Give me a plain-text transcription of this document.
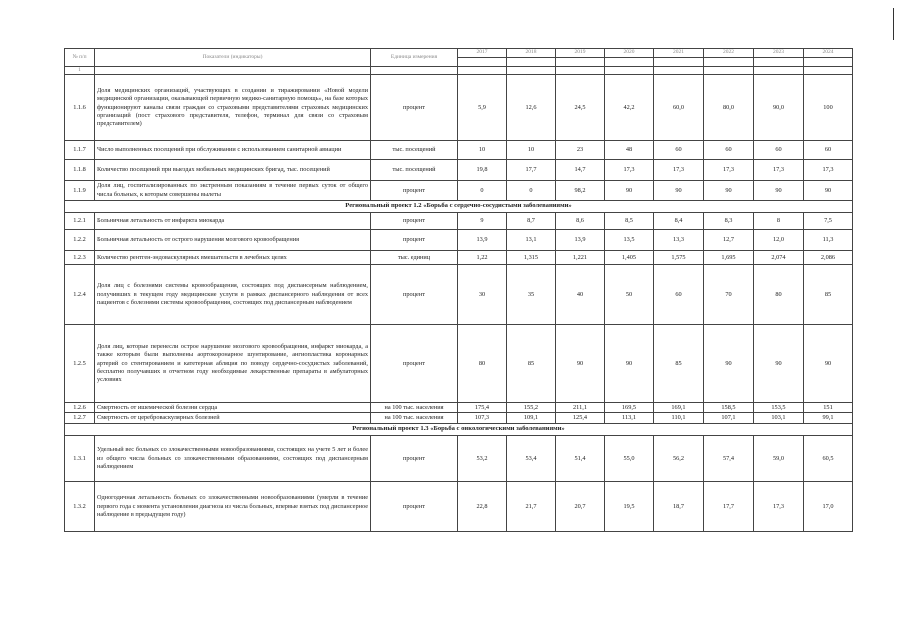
№ п/п	Показатели (индикаторы)	Единица измерения	2017	2018	2019	2020	2021	2022	2023	2024

1										
1.1.6	Доля медицинских организаций, участвующих в создании и тиражировании «Новой модели медицинской организации, оказывающей первичную медико-санитарную помощь», на базе которых функционируют каналы связи граждан со страховыми представителями страховых медицинских организаций (пост страхового представителя, телефон, терминал для связи со страховым представителем)	процент	5,9	12,6	24,5	42,2	60,0	80,0	90,0	100
1.1.7	Число выполненных посещений при обслуживании с использованием санитарной авиации	тыс. посещений	10	10	23	48	60	60	60	60
1.1.8	Количество посещений при выездах мобильных медицинских бригад, тыс. посещений	тыс. посещений	19,8	17,7	14,7	17,3	17,3	17,3	17,3	17,3
1.1.9	Доля лиц, госпитализированных по экстренным показаниям в течение первых суток от общего числа больных, к которым совершены вылеты	процент	0	0	98,2	90	90	90	90	90
Региональный проект 1.2 «Борьба с сердечно-сосудистыми заболеваниями»										
1.2.1	Больничная летальность от инфаркта миокарда	процент	9	8,7	8,6	8,5	8,4	8,3	8	7,5
1.2.2	Больничная летальность от острого нарушения мозгового кровообращения	процент	13,9	13,1	13,9	13,5	13,3	12,7	12,0	11,3
1.2.3	Количество рентген-эндоваскулярных вмешательств в лечебных целях	тыс. единиц	1,22	1,315	1,221	1,405	1,575	1,695	2,074	2,086
1.2.4	Доля лиц с болезнями системы кровообращения, состоящих под диспансерным наблюдением, получивших в текущем году медицинские услуги в рамках диспансерного наблюдения от всех пациентов с болезнями системы кровообращения, состоящих под диспансерным наблюдением	процент	30	35	40	50	60	70	80	85
1.2.5	Доля лиц, которые перенесли острое нарушение мозгового кровообращения, инфаркт миокарда, а также которым были выполнены аортокоронарное шунтирование, ангиопластика коронарных артерий со стентированием и катетерная абляция по поводу сердечно-сосудистых заболеваний, бесплатно получавших в отчетном году необходимые лекарственные препараты в амбулаторных условиях	процент	80	85	90	90	85	90	90	90
1.2.6	Смертность от ишемической болезни сердца	на 100 тыс. населения	175,4	155,2	211,1	169,5	169,1	158,5	153,5	151
1.2.7	Смертность от цереброваскулярных болезней	на 100 тыс. населения	107,3	109,1	125,4	113,1	110,1	107,1	103,1	99,1
Региональный проект 1.3 «Борьба с онкологическими заболеваниями»										
1.3.1	Удельный вес больных со злокачественными новообразованиями, состоящих на учете 5 лет и более из общего числа больных со злокачественными образованиями, состоящих под диспансерным наблюдением	процент	53,2	53,4	51,4	55,0	56,2	57,4	59,0	60,5
1.3.2	Одногодичная летальность больных со злокачественными новообразованиями (умерли в течение первого года с момента установления диагноза из числа больных, впервые взятых под диспансерное наблюдение в предыдущем году)	процент	22,8	21,7	20,7	19,5	18,7	17,7	17,3	17,0
